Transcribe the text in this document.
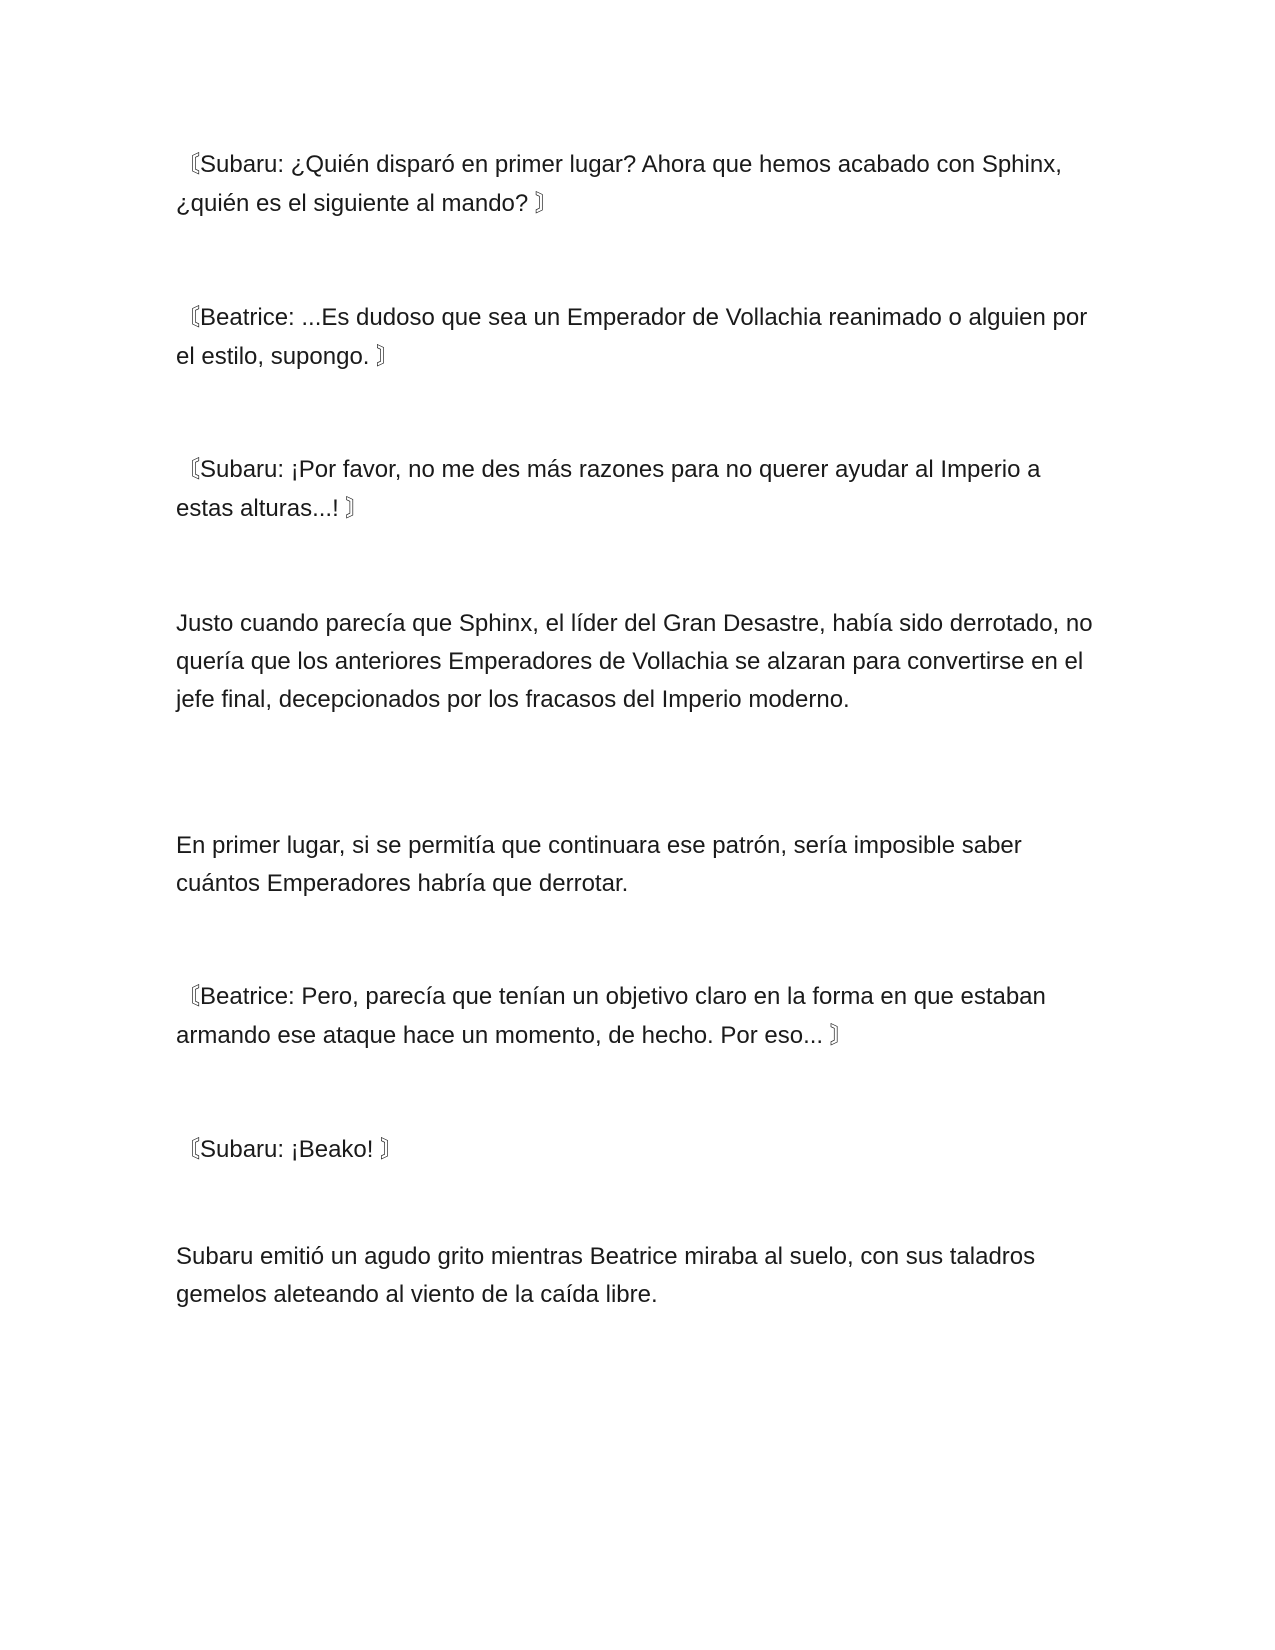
〘Subaru: ¿Quién disparó en primer lugar? Ahora que hemos acabado con Sphinx, ¿quién es el siguiente al mando? 〙

〘Beatrice: ...Es dudoso que sea un Emperador de Vollachia reanimado o alguien por el estilo, supongo. 〙

〘Subaru: ¡Por favor, no me des más razones para no querer ayudar al Imperio a estas alturas...! 〙

Justo cuando parecía que Sphinx, el líder del Gran Desastre, había sido derrotado, no quería que los anteriores Emperadores de Vollachia se alzaran para convertirse en el jefe final, decepcionados por los fracasos del Imperio moderno.

En primer lugar, si se permitía que continuara ese patrón, sería imposible saber cuántos Emperadores habría que derrotar.

〘Beatrice: Pero, parecía que tenían un objetivo claro en la forma en que estaban armando ese ataque hace un momento, de hecho. Por eso... 〙

〘Subaru: ¡Beako! 〙

Subaru emitió un agudo grito mientras Beatrice miraba al suelo, con sus taladros gemelos aleteando al viento de la caída libre.
